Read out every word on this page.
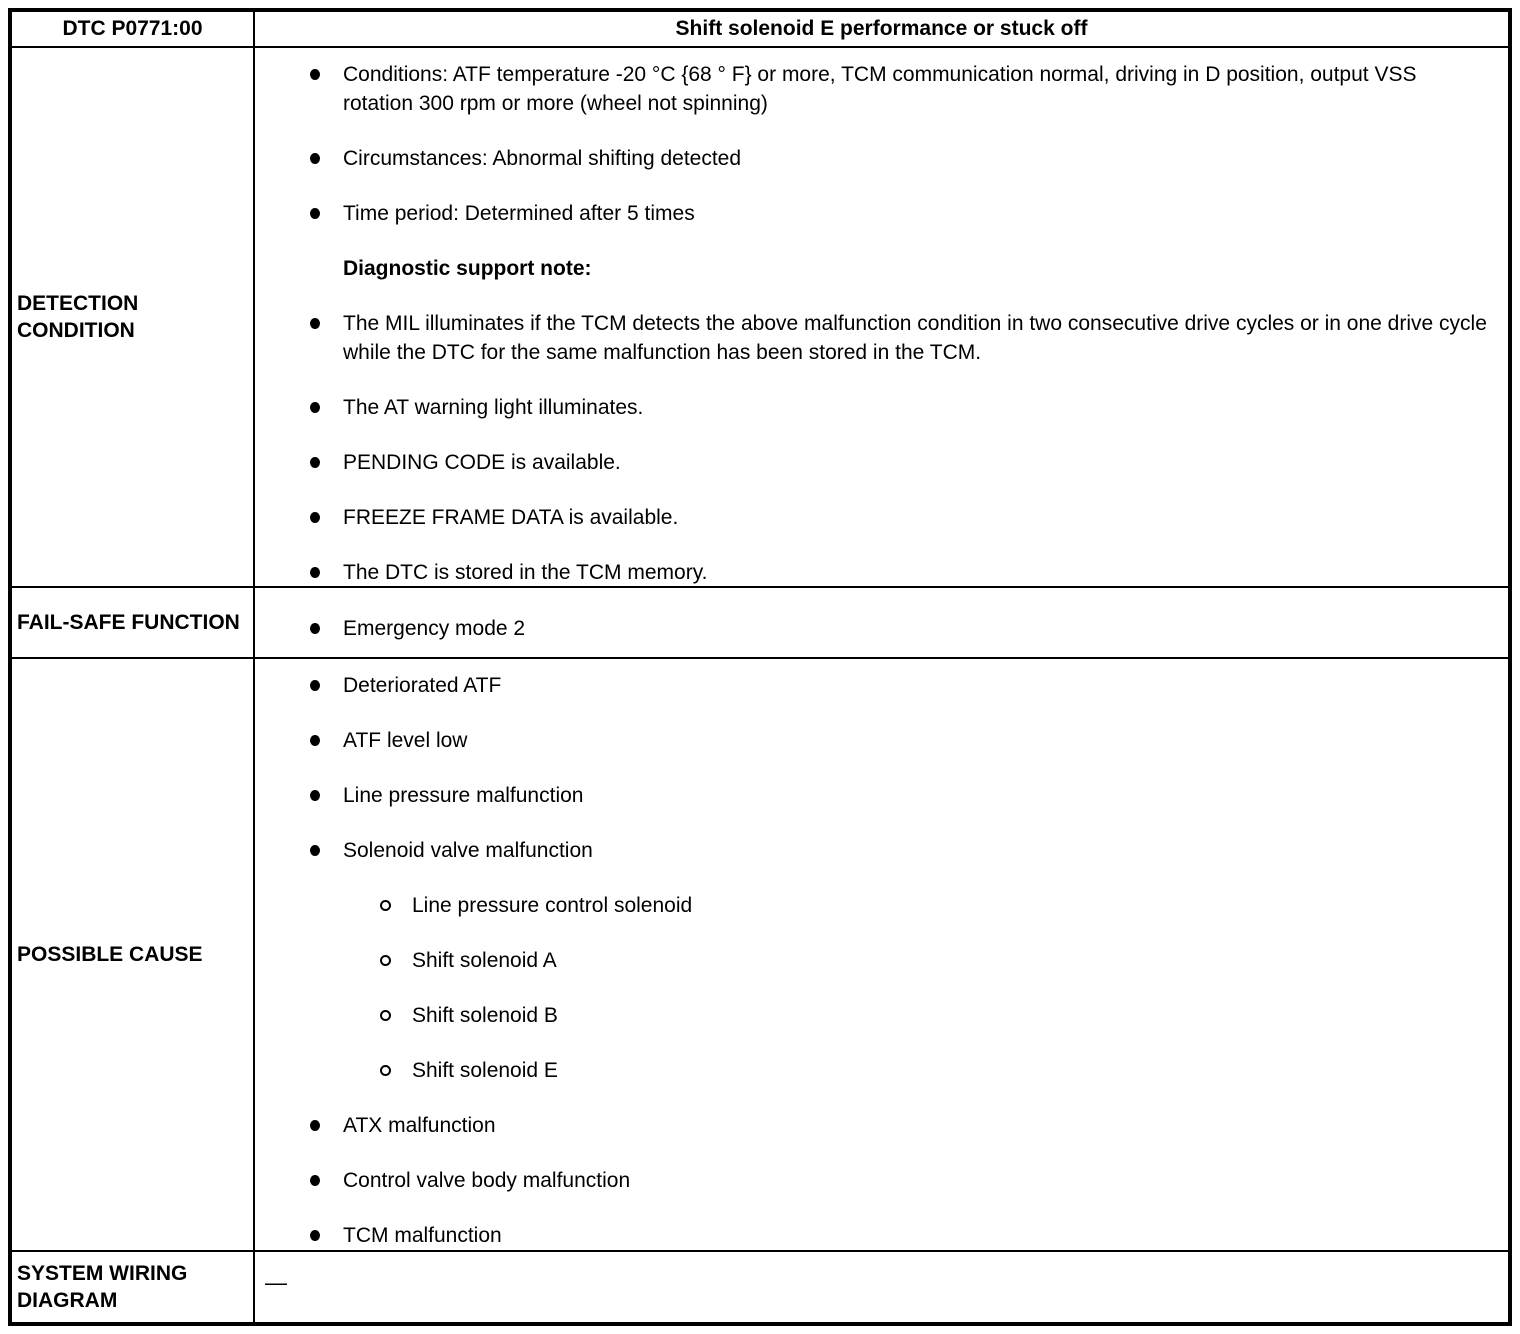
DTC P0771:00	Shift solenoid E performance or stuck off
DETECTION CONDITION
Conditions: ATF temperature -20 °C {68 ° F} or more, TCM communication normal, driving in D position, output VSS rotation 300 rpm or more (wheel not spinning)
Circumstances: Abnormal shifting detected
Time period: Determined after 5 times
Diagnostic support note:
The MIL illuminates if the TCM detects the above malfunction condition in two consecutive drive cycles or in one drive cycle while the DTC for the same malfunction has been stored in the TCM.
The AT warning light illuminates.
PENDING CODE is available.
FREEZE FRAME DATA is available.
The DTC is stored in the TCM memory.
FAIL-SAFE FUNCTION	Emergency mode 2
POSSIBLE CAUSE
Deteriorated ATF
ATF level low
Line pressure malfunction
Solenoid valve malfunction
Line pressure control solenoid
Shift solenoid A
Shift solenoid B
Shift solenoid E
ATX malfunction
Control valve body malfunction
TCM malfunction
SYSTEM WIRING DIAGRAM
—
